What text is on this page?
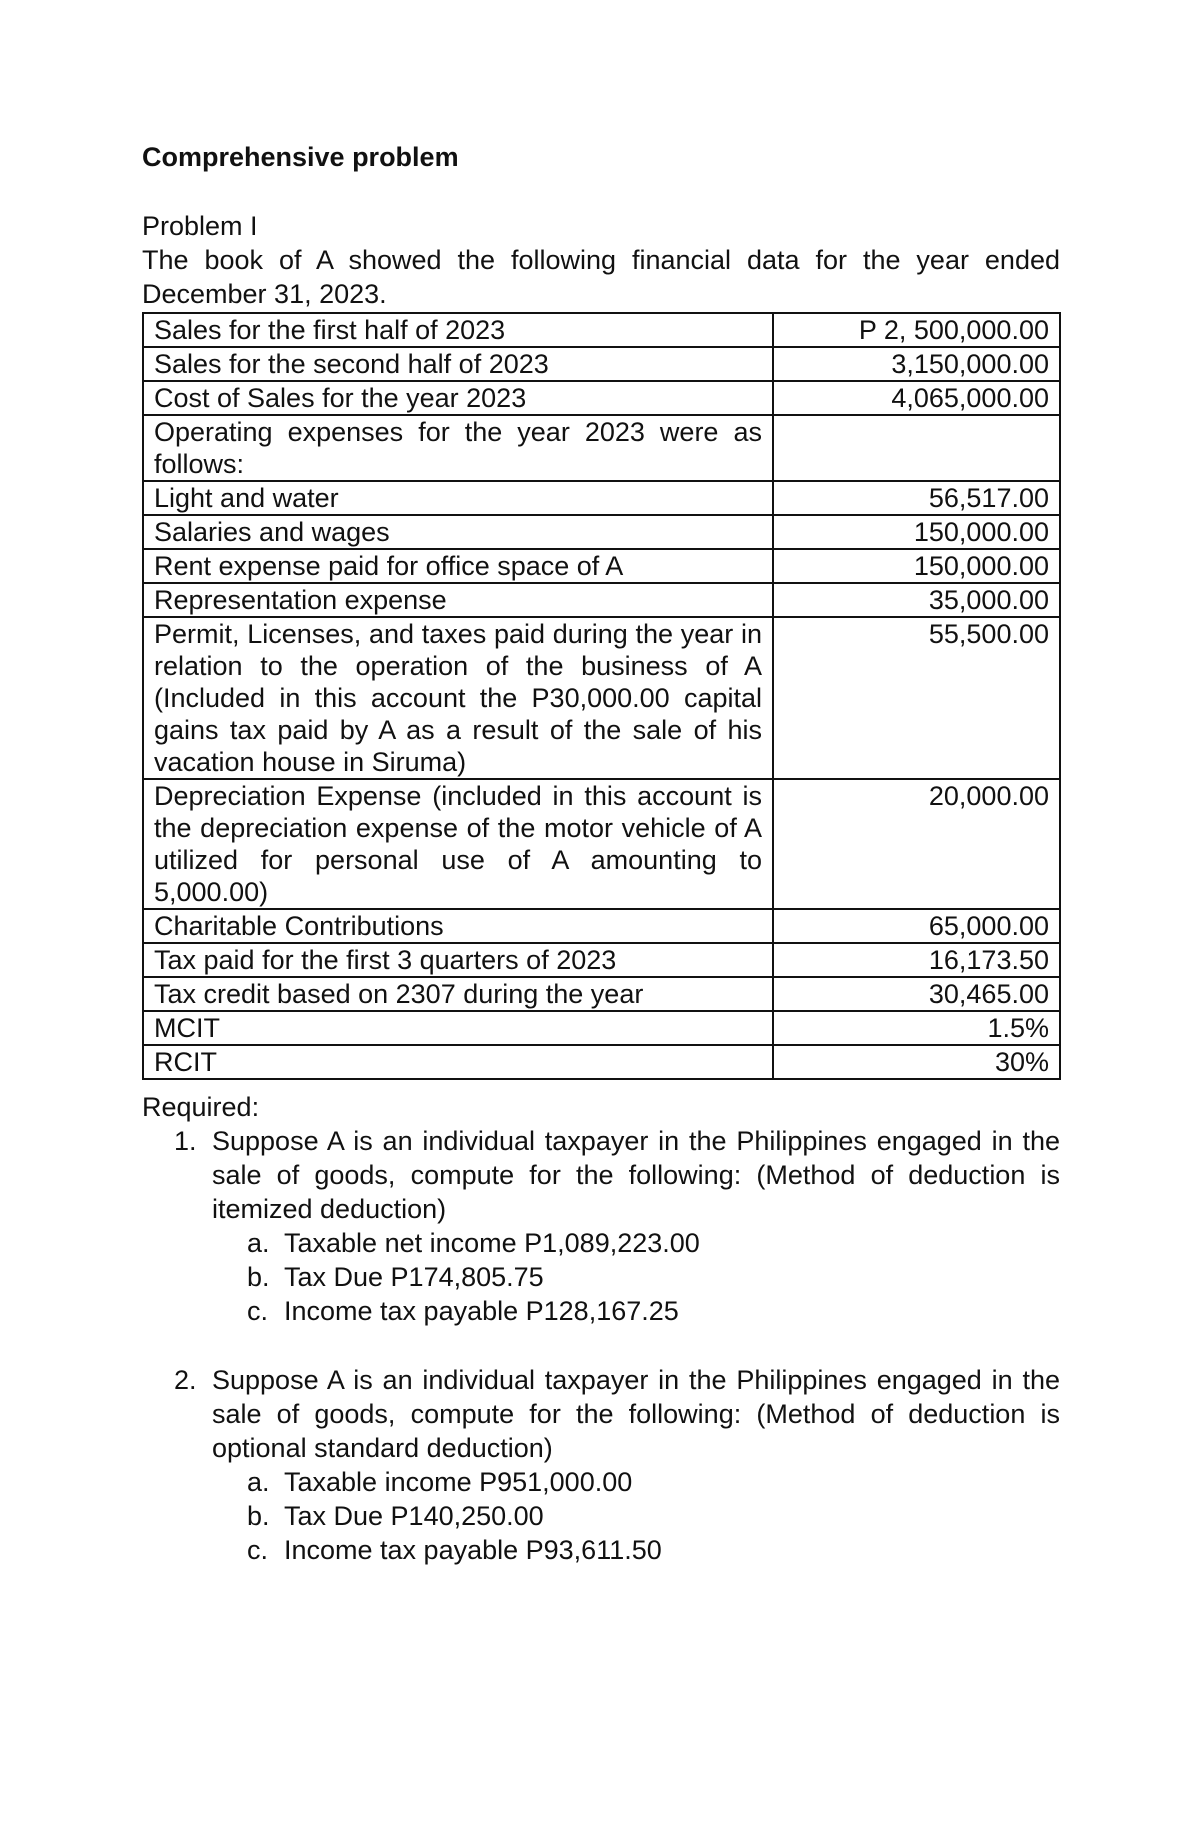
Comprehensive problem
Problem I
The book of A showed the following financial data for the year ended December 31, 2023.
Sales for the first half of 2023	P 2, 500,000.00
Sales for the second half of 2023	3,150,000.00
Cost of Sales for the year 2023	4,065,000.00
Operating expenses for the year 2023 were as follows:	
Light and water	56,517.00
Salaries and wages	150,000.00
Rent expense paid for office space of A	150,000.00
Representation expense	35,000.00
Permit, Licenses, and taxes paid during the year in relation to the operation of the business of A (Included in this account the P30,000.00 capital gains tax paid by A as a result of the sale of his vacation house in Siruma)	55,500.00
Depreciation Expense (included in this account is the depreciation expense of the motor vehicle of A utilized for personal use of A amounting to 5,000.00)	20,000.00
Charitable Contributions	65,000.00
Tax paid for the first 3 quarters of 2023	16,173.50
Tax credit based on 2307 during the year	30,465.00
MCIT	1.5%
RCIT	30%
Required:
1. Suppose A is an individual taxpayer in the Philippines engaged in the sale of goods, compute for the following: (Method of deduction is itemized deduction)
a. Taxable net income P1,089,223.00
b. Tax Due P174,805.75
c. Income tax payable P128,167.25
2. Suppose A is an individual taxpayer in the Philippines engaged in the sale of goods, compute for the following: (Method of deduction is optional standard deduction)
a. Taxable income P951,000.00
b. Tax Due P140,250.00
c. Income tax payable P93,611.50
